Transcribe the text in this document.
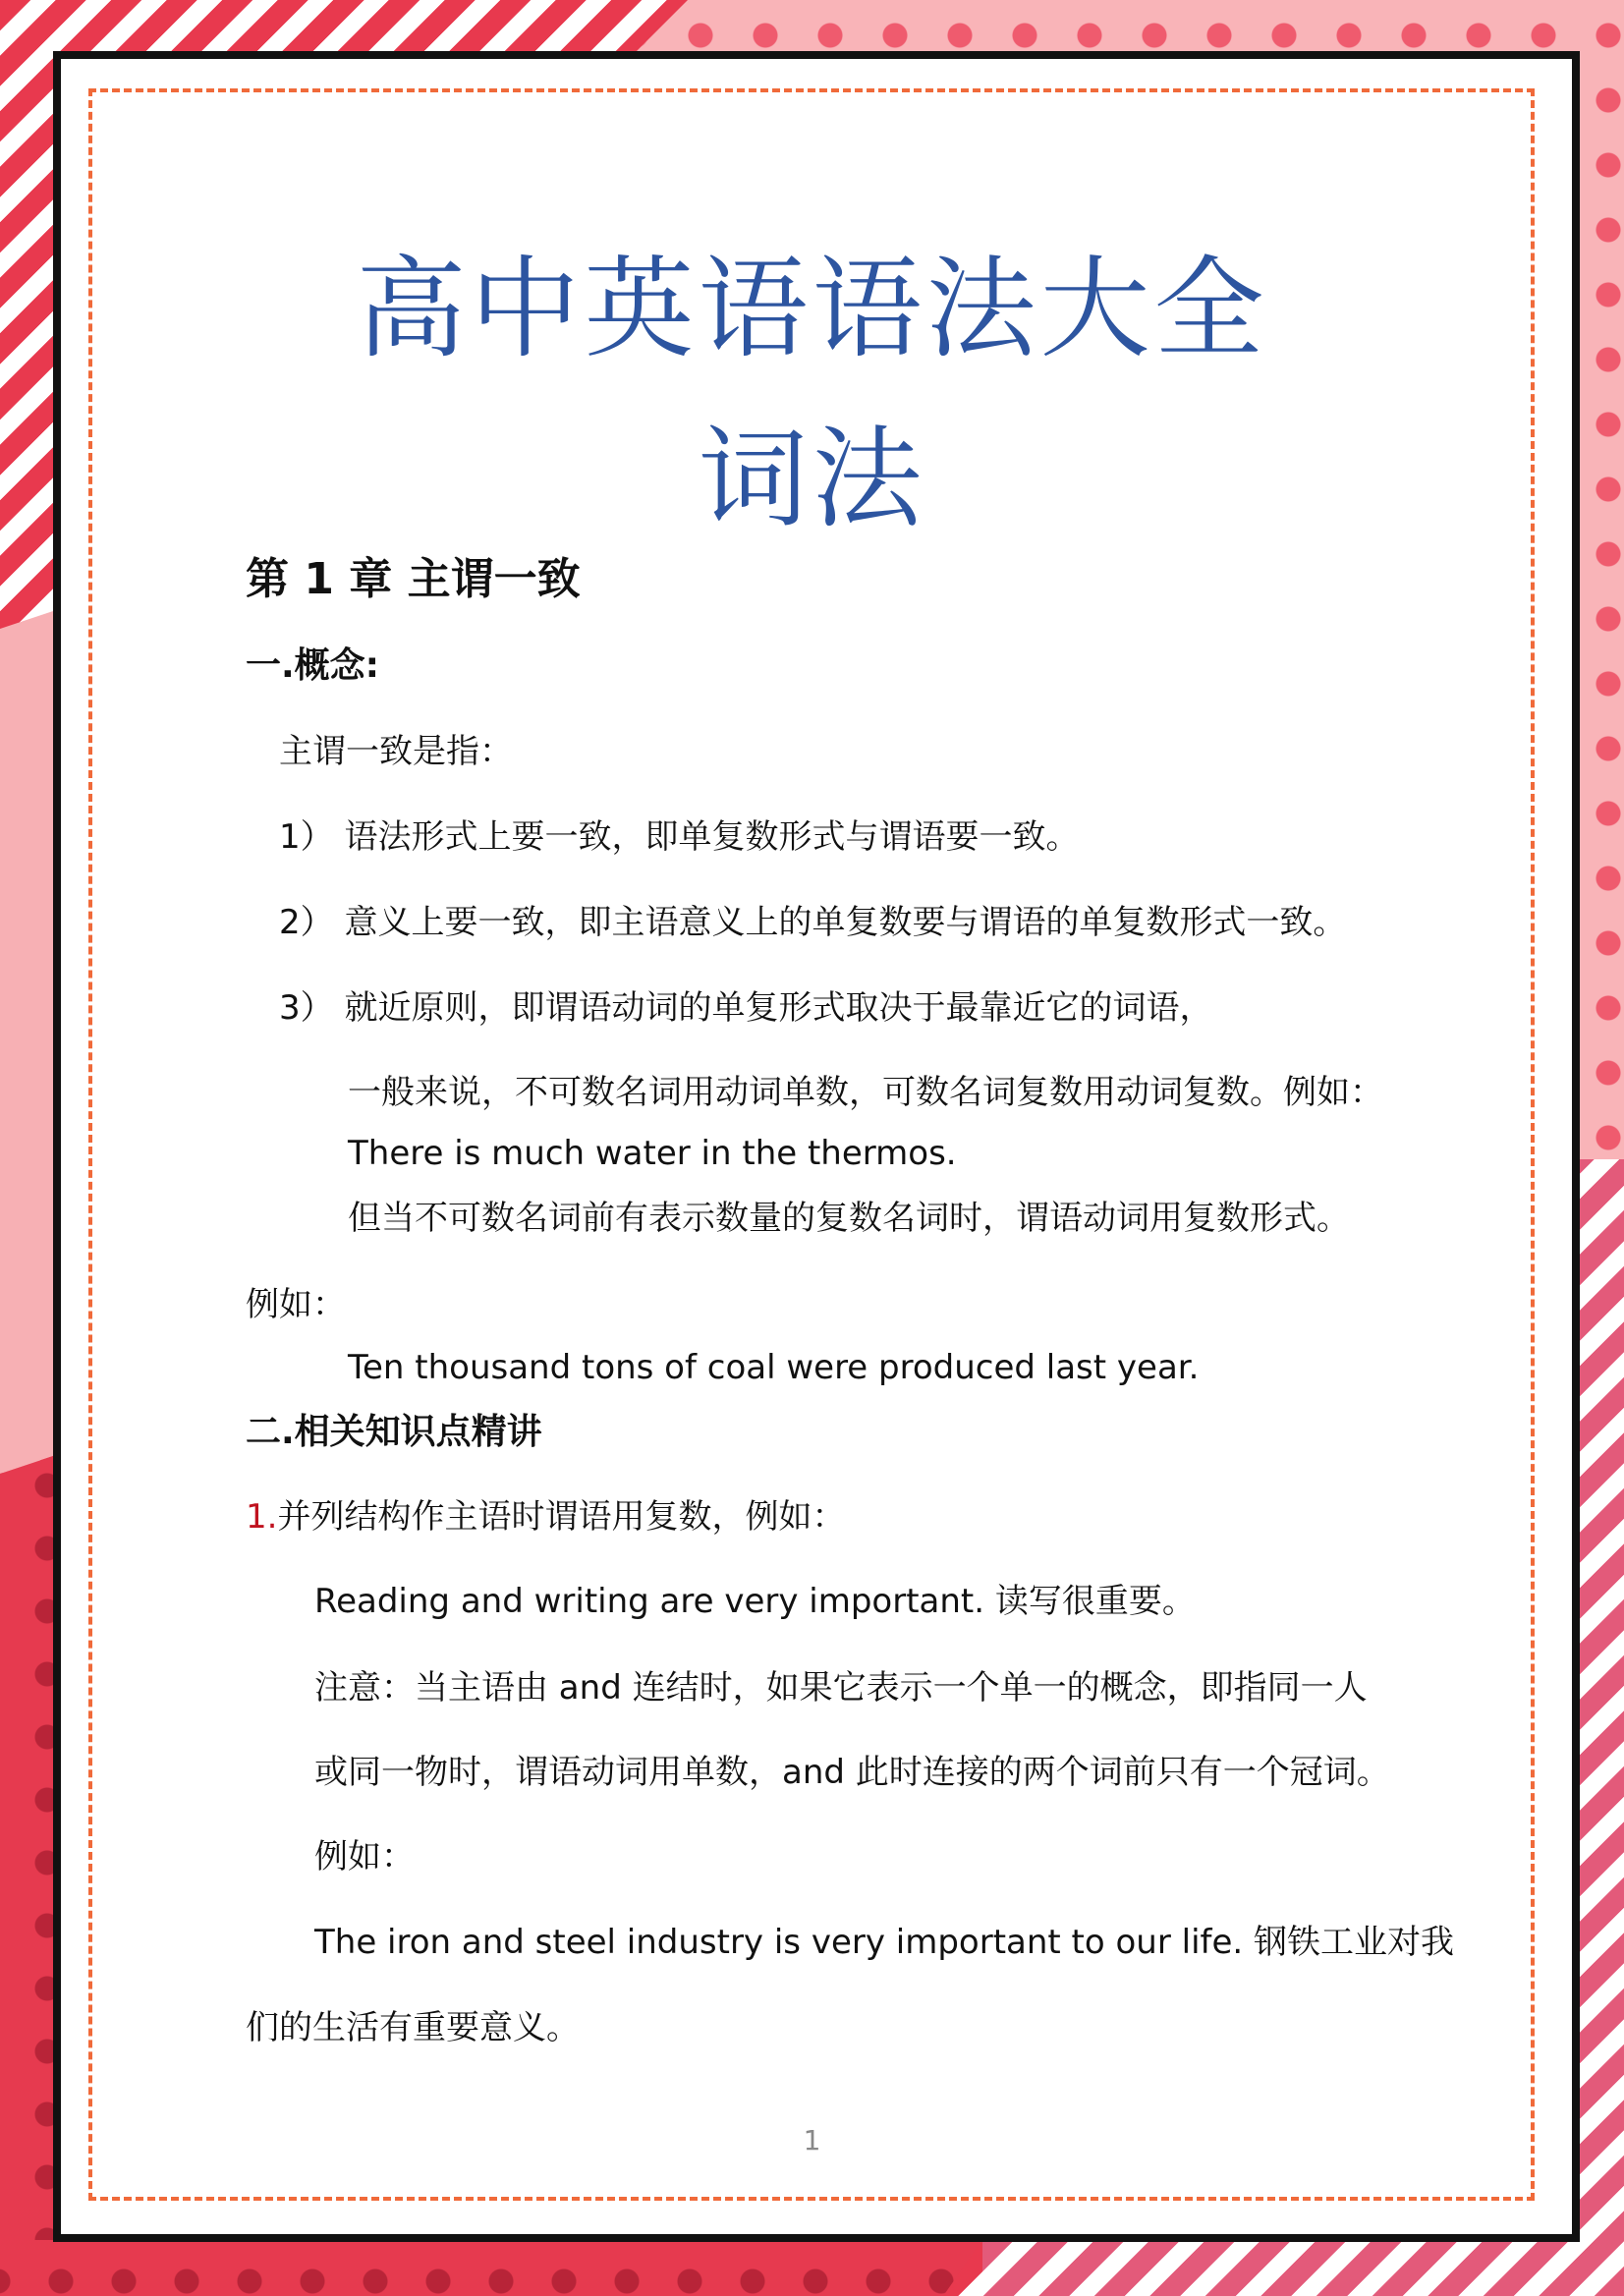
高中英语语法大全
词法

第 1 章 主谓一致

一.概念:

主谓一致是指：

1） 语法形式上要一致，即单复数形式与谓语要一致。

2） 意义上要一致，即主语意义上的单复数要与谓语的单复数形式一致。

3） 就近原则，即谓语动词的单复形式取决于最靠近它的词语，

一般来说，不可数名词用动词单数，可数名词复数用动词复数。例如：

There is much water in the thermos.

但当不可数名词前有表示数量的复数名词时，谓语动词用复数形式。

例如：

Ten thousand tons of coal were produced last year.

二.相关知识点精讲

1.并列结构作主语时谓语用复数，例如：

Reading and writing are very important. 读写很重要。

注意：当主语由 and 连结时，如果它表示一个单一的概念，即指同一人

或同一物时，谓语动词用单数，and 此时连接的两个词前只有一个冠词。

例如：

The iron and steel industry is very important to our life. 钢铁工业对我

们的生活有重要意义。

1
